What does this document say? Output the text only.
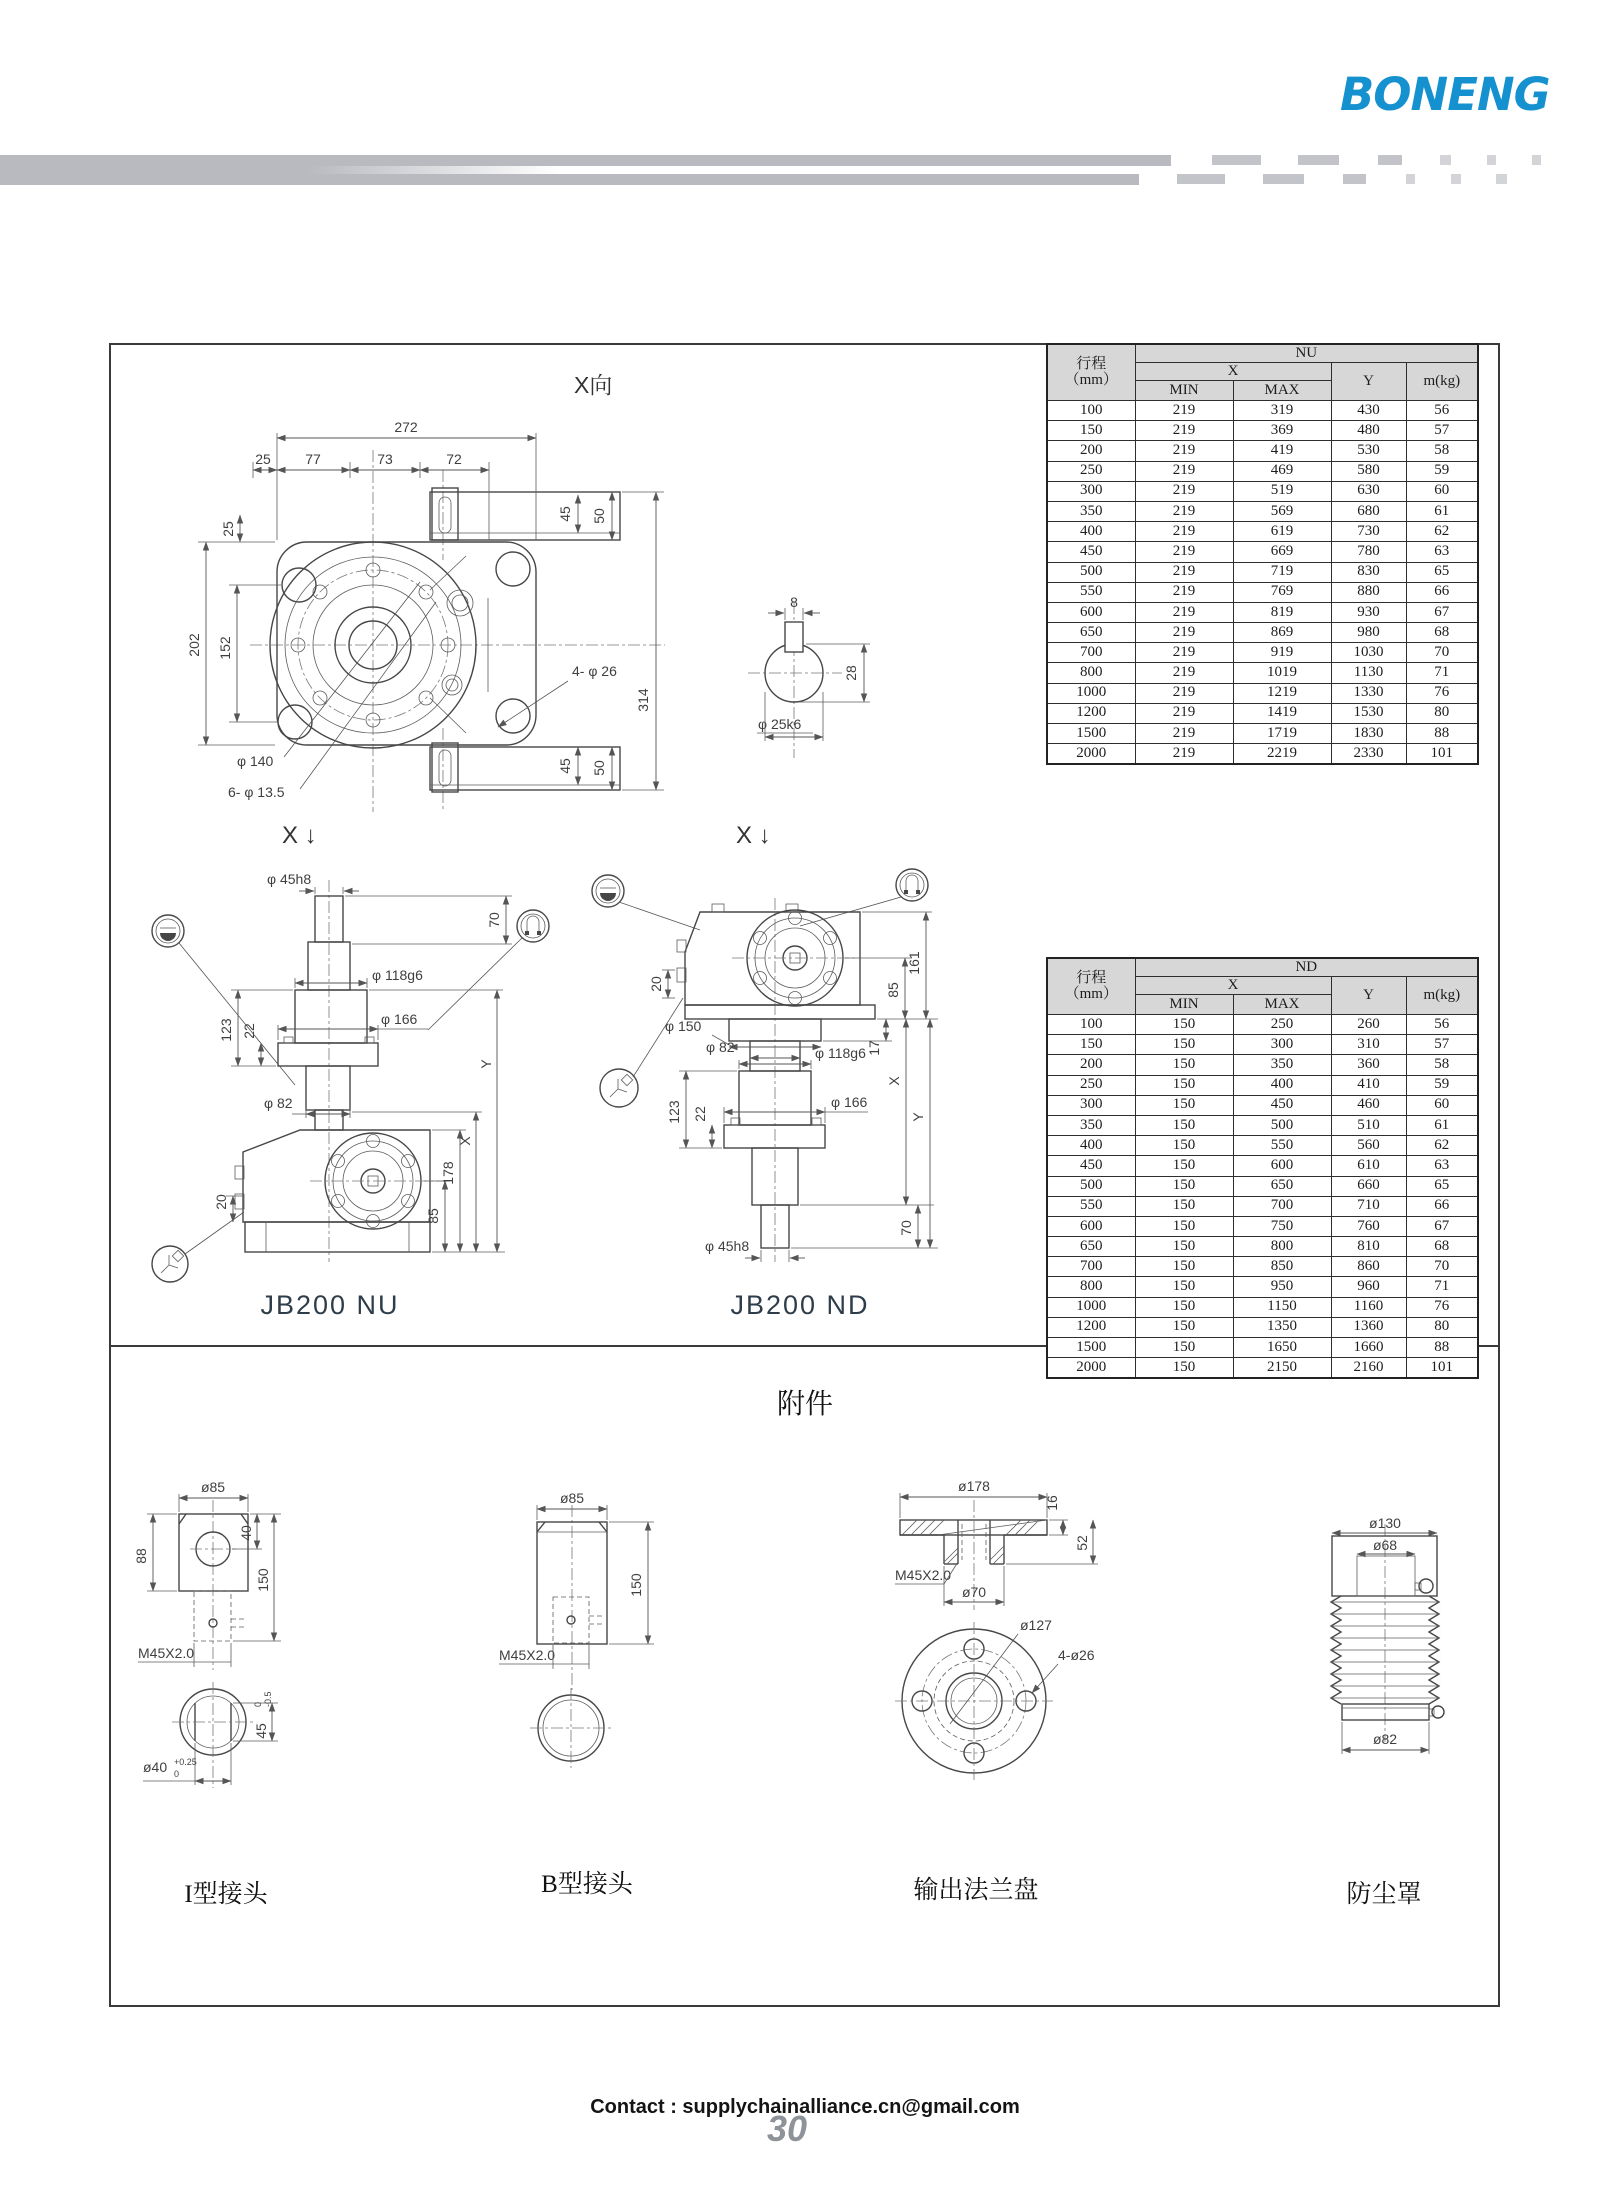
BONENG
行程
（mm）	NU			
	X		Y	m(kg)
	MIN	MAX		
100	219	319	430	56
150	219	369	480	57
200	219	419	530	58
250	219	469	580	59
300	219	519	630	60
350	219	569	680	61
400	219	619	730	62
450	219	669	780	63
500	219	719	830	65
550	219	769	880	66
600	219	819	930	67
650	219	869	980	68
700	219	919	1030	70
800	219	1019	1130	71
1000	219	1219	1330	76
1200	219	1419	1530	80
1500	219	1719	1830	88
2000	219	2219	2330	101
行程
（mm）	ND			
	X		Y	m(kg)
	MIN	MAX		
100	150	250	260	56
150	150	300	310	57
200	150	350	360	58
250	150	400	410	59
300	150	450	460	60
350	150	500	510	61
400	150	550	560	62
450	150	600	610	63
500	150	650	660	65
550	150	700	710	66
600	150	750	760	67
650	150	800	810	68
700	150	850	860	70
800	150	950	960	71
1000	150	1150	1160	76
1200	150	1350	1360	80
1500	150	1650	1660	88
2000	150	2150	2160	101
X向
272
25 77	73	72
25
202 152
45 50
45 50
314
4- φ 26
φ 140
6- φ 13.5
8
28
φ 25k6
X ↓	X ↓
φ 45h8
70
φ 118g6
φ 166
123 22
φ 82
20
85
178
X
Y
JB200 NU
20
φ 150
φ 82	φ 118g6
123 22
φ 166
85
161
17
X
Y
70
φ 45h8
JB200 ND
附件
ø85
88
40
150
M45X2.0
45
0 -0.5
ø40 +0.25
0
I型接头
ø85
150
M45X2.0
B型接头
ø178
16
52
M45X2.0
ø70
ø127
4-ø26
输出法兰盘
ø130
ø68
ø82
防尘罩
30
Contact : supplychainalliance.cn@gmail.com
